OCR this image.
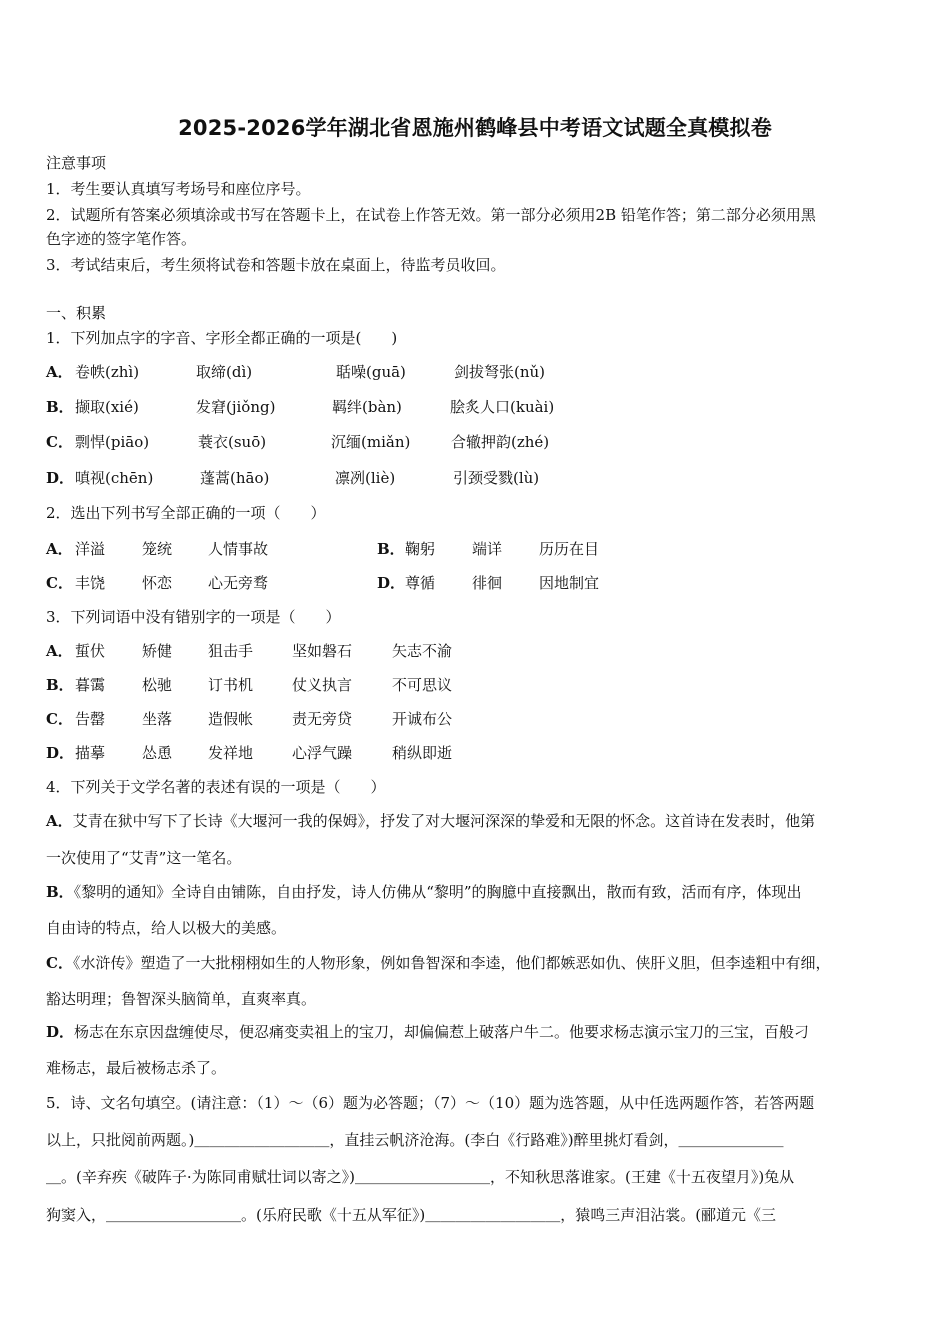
2025-2026学年湖北省恩施州鹤峰县中考语文试题全真模拟卷
注意事项
1．考生要认真填写考场号和座位序号。
2．试题所有答案必须填涂或书写在答题卡上，在试卷上作答无效。第一部分必须用2B 铅笔作答；第二部分必须用黑
色字迹的签字笔作答。
3．考试结束后，考生须将试卷和答题卡放在桌面上，待监考员收回。
一、积累
1．下列加点字的字音、字形全都正确的一项是(　　)
A． 卷帙(zhì)	取缔(dì)	聒噪(guā)	剑拔弩张(nǔ)
B． 撷取(xié)	发窘(jiǒng)	羁绊(bàn)	脍炙人口(kuài)
C． 剽悍(piāo)	蓑衣(suō)	沉缅(miǎn)	合辙押韵(zhé)
D． 嗔视(chēn)	蓬蒿(hāo)	凛冽(liè)	引颈受戮(lù)
2．选出下列书写全部正确的一项（　　）
A． 洋溢 笼统 人情事故	B． 鞠躬 端详 历历在目
C． 丰饶 怀恋 心无旁骛	D． 尊循 徘徊 因地制宜
3．下列词语中没有错别字的一项是（　　）
A． 蜇伏 矫健 狙击手	坚如磐石	矢志不渝
B． 暮霭 松驰 订书机	仗义执言	不可思议
C． 告罄 坐落 造假帐	责无旁贷	开诚布公
D． 描摹 怂恿 发祥地	心浮气躁	稍纵即逝
4．下列关于文学名著的表述有误的一项是（　　）
A．艾青在狱中写下了长诗《大堰河一我的保姆》，抒发了对大堰河深深的挚爱和无限的怀念。这首诗在发表时，他第
一次使用了“艾青”这一笔名。
B．《黎明的通知》全诗自由铺陈，自由抒发，诗人仿佛从“黎明”的胸臆中直接飘出，散而有致，活而有序，体现出
自由诗的特点，给人以极大的美感。
C．《水浒传》塑造了一大批栩栩如生的人物形象，例如鲁智深和李逵，他们都嫉恶如仇、侠肝义胆，但李逵粗中有细，
豁达明理；鲁智深头脑简单，直爽率真。
D．杨志在东京因盘缠使尽，便忍痛变卖祖上的宝刀，却偏偏惹上破落户牛二。他要求杨志演示宝刀的三宝，百般刁
难杨志，最后被杨志杀了。
5．诗、文名句填空。(请注意：（1）～（6）题为必答题；（7）～（10）题为选答题，从中任选两题作答，若答两题
以上，只批阅前两题。)＿＿＿＿＿＿＿＿＿，直挂云帆济沧海。(李白《行路难》)醉里挑灯看剑，＿＿＿＿＿＿＿
＿。(辛弃疾《破阵子·为陈同甫赋壮词以寄之》)＿＿＿＿＿＿＿＿＿，不知秋思落谁家。(王建《十五夜望月》)兔从
狗窦入，＿＿＿＿＿＿＿＿＿。(乐府民歌《十五从军征》)＿＿＿＿＿＿＿＿＿，猿鸣三声泪沾裳。(郦道元《三
